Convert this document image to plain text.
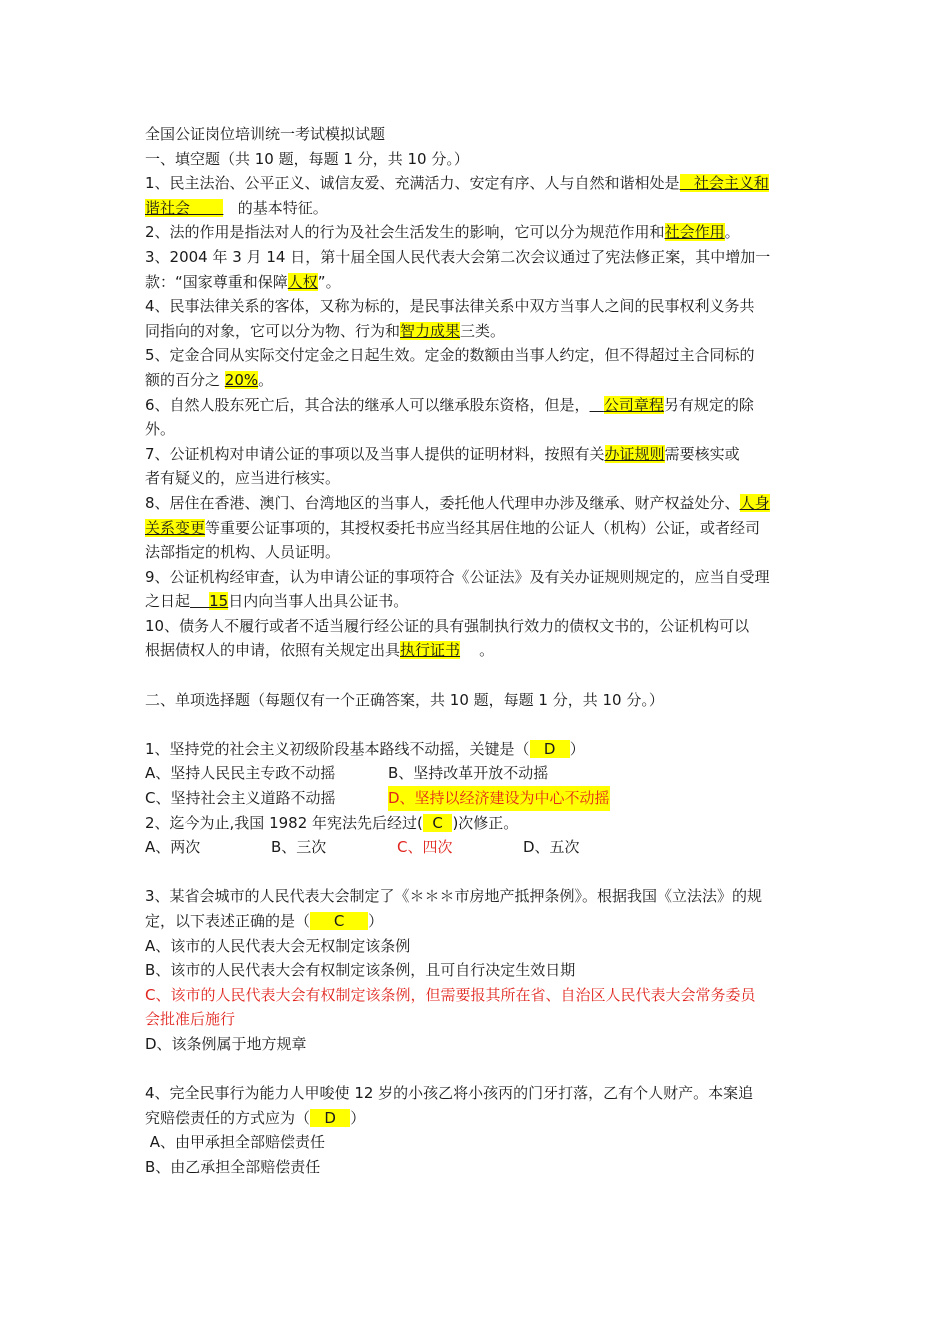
全国公证岗位培训统一考试模拟试题

一、填空题（共 10 题，每题 1 分，共 10 分。）

1、民主法治、公平正义、诚信友爱、充满活力、安定有序、人与自然和谐相处是   社会主义和

谐社会          的基本特征。

2、法的作用是指法对人的行为及社会生活发生的影响，它可以分为规范作用和社会作用。

3、2004 年 3 月 14 日，第十届全国人民代表大会第二次会议通过了宪法修正案，其中增加一

款：“国家尊重和保障人权”。

4、民事法律关系的客体，又称为标的，是民事法律关系中双方当事人之间的民事权利义务共

同指向的对象，它可以分为物、行为和智力成果三类。

5、定金合同从实际交付定金之日起生效。定金的数额由当事人约定，但不得超过主合同标的

额的百分之 20%。

6、自然人股东死亡后，其合法的继承人可以继承股东资格，但是， 公司章程另有规定的除

外。

7、公证机构对申请公证的事项以及当事人提供的证明材料，按照有关办证规则需要核实或

者有疑义的，应当进行核实。

8、居住在香港、澳门、台湾地区的当事人，委托他人代理申办涉及继承、财产权益处分、人身

关系变更等重要公证事项的，其授权委托书应当经其居住地的公证人（机构）公证，或者经司

法部指定的机构、人员证明。

9、公证机构经审查，认为申请公证的事项符合《公证法》及有关办证规则规定的，应当自受理

之日起 15日内向当事人出具公证书。

10、债务人不履行或者不适当履行经公证的具有强制执行效力的债权文书的，公证机构可以

根据债权人的申请，依照有关规定出具执行证书    。

二、单项选择题（每题仅有一个正确答案，共 10 题，每题 1 分，共 10 分。）

1、坚持党的社会主义初级阶段基本路线不动摇，关键是（   D   ）

A、坚持人民民主专政不动摇	B、坚持改革开放不动摇

C、坚持社会主义道路不动摇	D、坚持以经济建设为中心不动摇

2、迄今为止,我国 1982 年宪法先后经过(  C  )次修正。

A、两次	B、三次	C、四次	D、五次

3、某省会城市的人民代表大会制定了《＊＊＊市房地产抵押条例》。根据我国《立法法》的规

定，以下表述正确的是（     C     ）

A、该市的人民代表大会无权制定该条例

B、该市的人民代表大会有权制定该条例，且可自行决定生效日期

C、该市的人民代表大会有权制定该条例，但需要报其所在省、自治区人民代表大会常务委员

会批准后施行

D、该条例属于地方规章

4、完全民事行为能力人甲唆使 12 岁的小孩乙将小孩丙的门牙打落，乙有个人财产。本案追

究赔偿责任的方式应为（   D   ）

A、由甲承担全部赔偿责任

B、由乙承担全部赔偿责任
